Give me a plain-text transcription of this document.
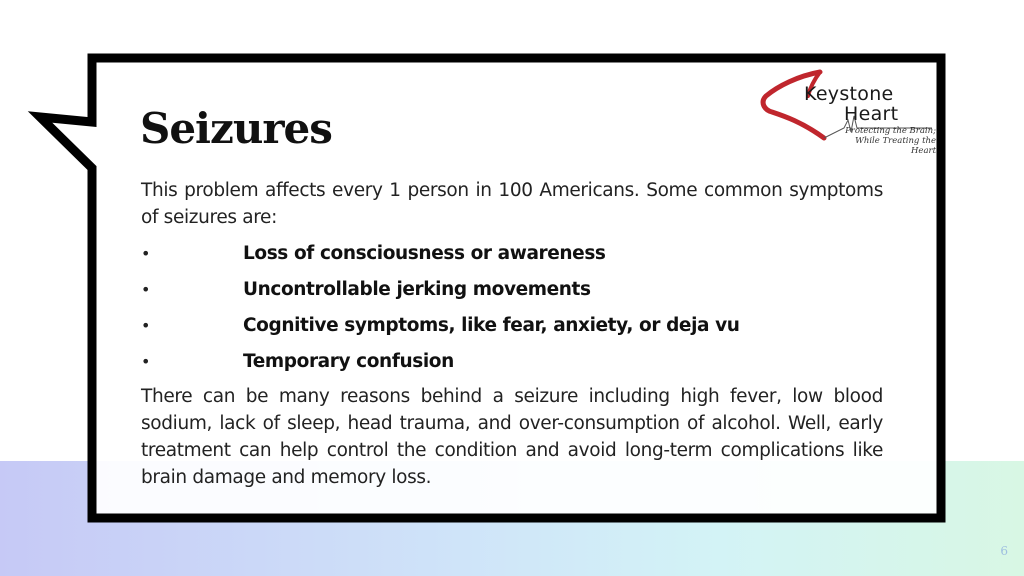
Seizures
Keystone
Heart
Protecting the Brain;
While Treating the Heart

This problem affects every 1 person in 100 Americans. Some common symptoms of seizures are:

•	Loss of consciousness or awareness
•	Uncontrollable jerking movements
•	Cognitive symptoms, like fear, anxiety, or deja vu
•	Temporary confusion

There can be many reasons behind a seizure including high fever, low blood sodium, lack of sleep, head trauma, and over-consumption of alcohol. Well, early treatment can help control the condition and avoid long-term complications like brain damage and memory loss.

6
